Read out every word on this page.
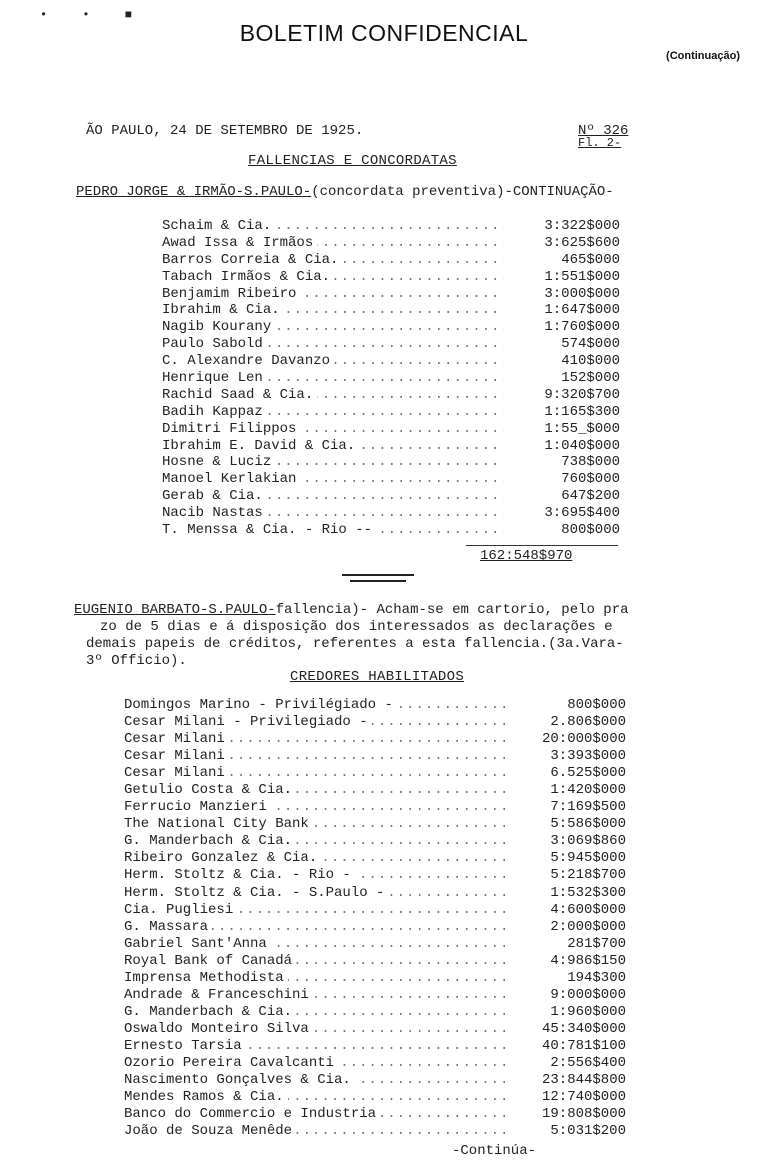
• • ■
BOLETIM CONFIDENCIAL
(Continuação)
ÃO PAULO, 24 DE SETEMBRO DE 1925.	Nº 326
Fl. 2-
FALLENCIAS E CONCORDATAS
PEDRO JORGE & IRMÃO-S.PAULO-(concordata preventiva)-CONTINUAÇÃO-
.....
Schaim & Cia.	3:322$000
.....
Awad Issa & Irmãos	3:625$600
.....
Barros Correia & Cia.	465$000
.....
Tabach Irmãos & Cia.	1:551$000
.....
Benjamim Ribeiro	3:000$000
.....
Ibrahim & Cia.	1:647$000
.....
Nagib Kourany	1:760$000
.....
Paulo Sabold	574$000
.....
C. Alexandre Davanzo	410$000
.....
Henrique Len	152$000
.....
Rachid Saad & Cia.	9:320$700
.....
Badih Kappaz	1:165$300
.....
Dimitri Filippos	1:55_$000
.....
Ibrahim E. David & Cia.	1:040$000
.....
Hosne & Luciz	738$000
.....
Manoel Kerlakian	760$000
.....
Gerab & Cia.	647$200
.....
Nacib Nastas	3:695$400
.....
T. Menssa & Cia. - Rio --	800$000
162:548$970
EUGENIO BARBATO-S.PAULO-fallencia)- Acham-se em cartorio, pelo pra
zo de 5 dias e á disposição dos interessados as declarações e
demais papeis de créditos, referentes a esta fallencia.(3a.Vara-
3º Officio).
CREDORES HABILITADOS
.....
Domingos Marino - Privilégiado -	800$000
.....
Cesar Milani - Privilegiado -	2.806$000
.....
Cesar Milani	20:000$000
.....
Cesar Milani	3:393$000
.....
Cesar Milani	6.525$000
.....
Getulio Costa & Cia.	1:420$000
.....
Ferrucio Manzieri	7:169$500
.....
The National City Bank	5:586$000
.....
G. Manderbach & Cia.	3:069$860
.....
Ribeiro Gonzalez & Cia.	5:945$000
.....
Herm. Stoltz & Cia. - Rio -	5:218$700
.....
Herm. Stoltz & Cia. - S.Paulo -	1:532$300
.....
Cia. Pugliesi	4:600$000
.....
G. Massara	2:000$000
.....
Gabriel Sant'Anna	281$700
.....
Royal Bank of Canadá	4:986$150
.....
Imprensa Methodista	194$300
.....
Andrade & Franceschini	9:000$000
.....
G. Manderbach & Cia.	1:960$000
.....
Oswaldo Monteiro Silva	45:340$000
.....
Ernesto Tarsia	40:781$100
.....
Ozorio Pereira Cavalcanti	2:556$400
.....
Nascimento Gonçalves & Cia.	23:844$800
.....
Mendes Ramos & Cia.	12:740$000
.....
Banco do Commercio e Industria	19:808$000
.....
João de Souza Menêde	5:031$200
-Continúa-
